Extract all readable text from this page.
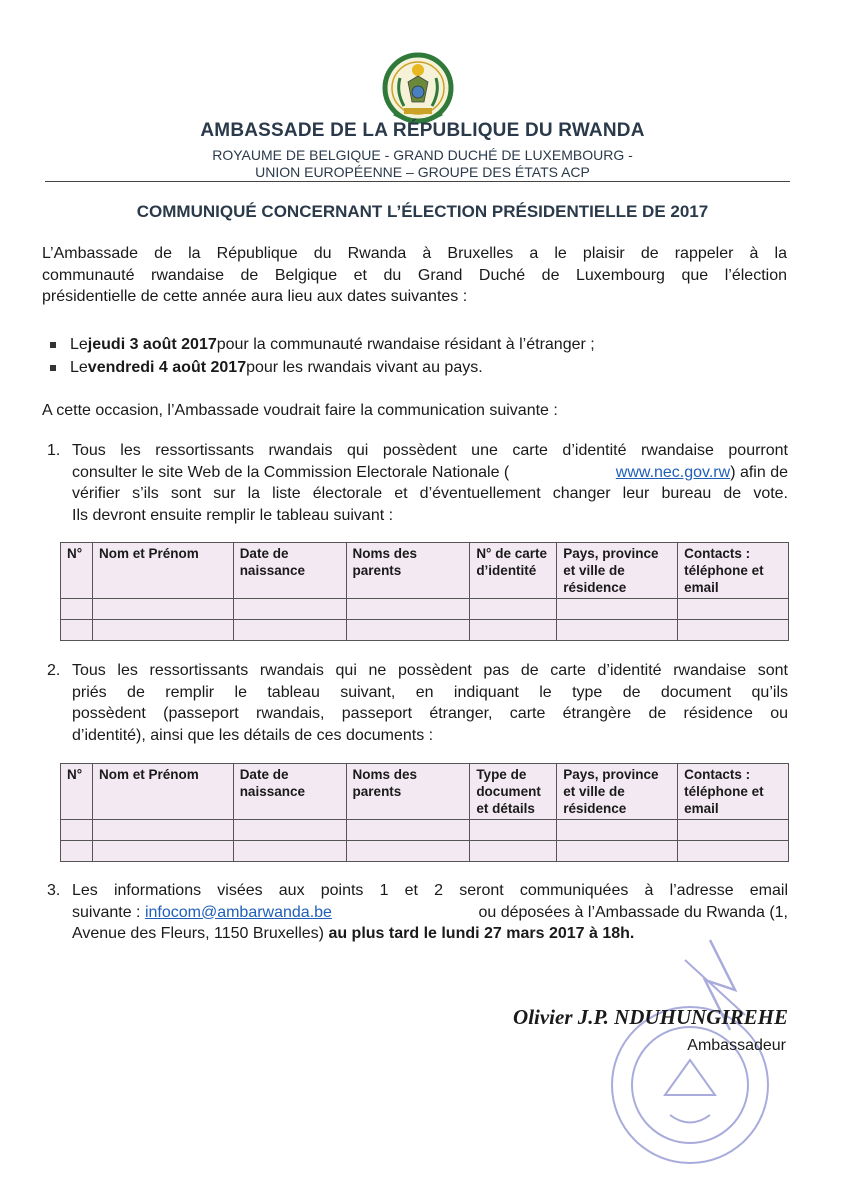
AMBASSADE DE LA RÉPUBLIQUE DU RWANDA
ROYAUME DE BELGIQUE - GRAND DUCHÉ DE LUXEMBOURG -
UNION EUROPÉENNE – GROUPE DES ÉTATS ACP
COMMUNIQUÉ CONCERNANT L’ÉLECTION PRÉSIDENTIELLE DE 2017
L’Ambassade de la République du Rwanda à Bruxelles a le plaisir de rappeler à la
communauté rwandaise de Belgique et du Grand Duché de Luxembourg que l’élection
présidentielle de cette année aura lieu aux dates suivantes :
Le jeudi 3 août 2017 pour la communauté rwandaise résidant à l’étranger ;
Le vendredi 4 août 2017 pour les rwandais vivant au pays.
A cette occasion, l’Ambassade voudrait faire la communication suivante :
1. Tous les ressortissants rwandais qui possèdent une carte d’identité rwandaise pourront
consulter le site Web de la Commission Electorale Nationale (	www.nec.gov.rw) afin de
vérifier s’ils sont sur la liste électorale et d’éventuellement changer leur bureau de vote.
Ils devront ensuite remplir le tableau suivant :
N°	Nom et Prénom	Date de naissance	Noms des parents	N° de carte d’identité	Pays, province et ville de résidence	Contacts : téléphone et email

2. Tous les ressortissants rwandais qui ne possèdent pas de carte d’identité rwandaise sont
priés de remplir le tableau suivant, en indiquant le type de document qu’ils
possèdent (passeport rwandais, passeport étranger, carte étrangère de résidence ou
d’identité), ainsi que les détails de ces documents :
N°	Nom et Prénom	Date de naissance	Noms des parents	Type de document et détails	Pays, province et ville de résidence	Contacts : téléphone et email

3. Les informations visées aux points 1 et 2 seront communiquées à l’adresse email
suivante : infocom@ambarwanda.be	ou déposées à l’Ambassade du Rwanda (1,
Avenue des Fleurs, 1150 Bruxelles) au plus tard le lundi 27 mars 2017 à 18h.
Olivier J.P. NDUHUNGIREHE
Ambassadeur
